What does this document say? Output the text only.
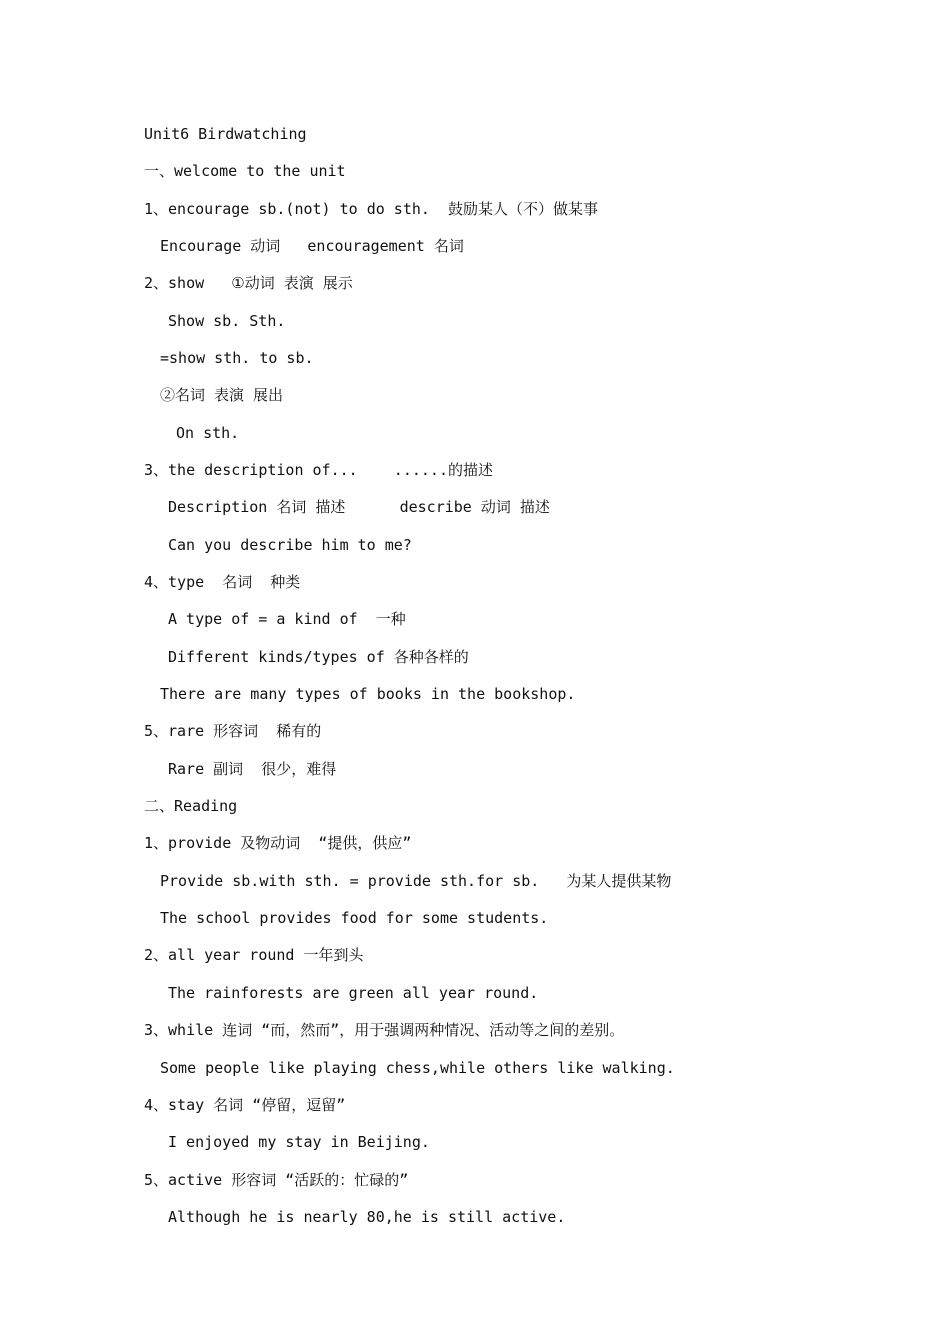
Unit6 Birdwatching
一、welcome to the unit
1、encourage sb.(not) to do sth.  鼓励某人（不）做某事
Encourage 动词   encouragement 名词
2、show   ①动词 表演 展示
Show sb. Sth.
=show sth. to sb.
②名词 表演 展出
On sth.
3、the description of...    ......的描述
Description 名词 描述      describe 动词 描述
Can you describe him to me?
4、type  名词  种类
A type of = a kind of  一种
Different kinds/types of 各种各样的
There are many types of books in the bookshop.
5、rare 形容词  稀有的
Rare 副词  很少，难得
二、Reading
1、provide 及物动词  “提供，供应”
Provide sb.with sth. = provide sth.for sb.   为某人提供某物
The school provides food for some students.
2、all year round 一年到头
The rainforests are green all year round.
3、while 连词 “而，然而”，用于强调两种情况、活动等之间的差别。
Some people like playing chess,while others like walking.
4、stay 名词 “停留，逗留”
I enjoyed my stay in Beijing.
5、active 形容词 “活跃的：忙碌的”
Although he is nearly 80,he is still active.
